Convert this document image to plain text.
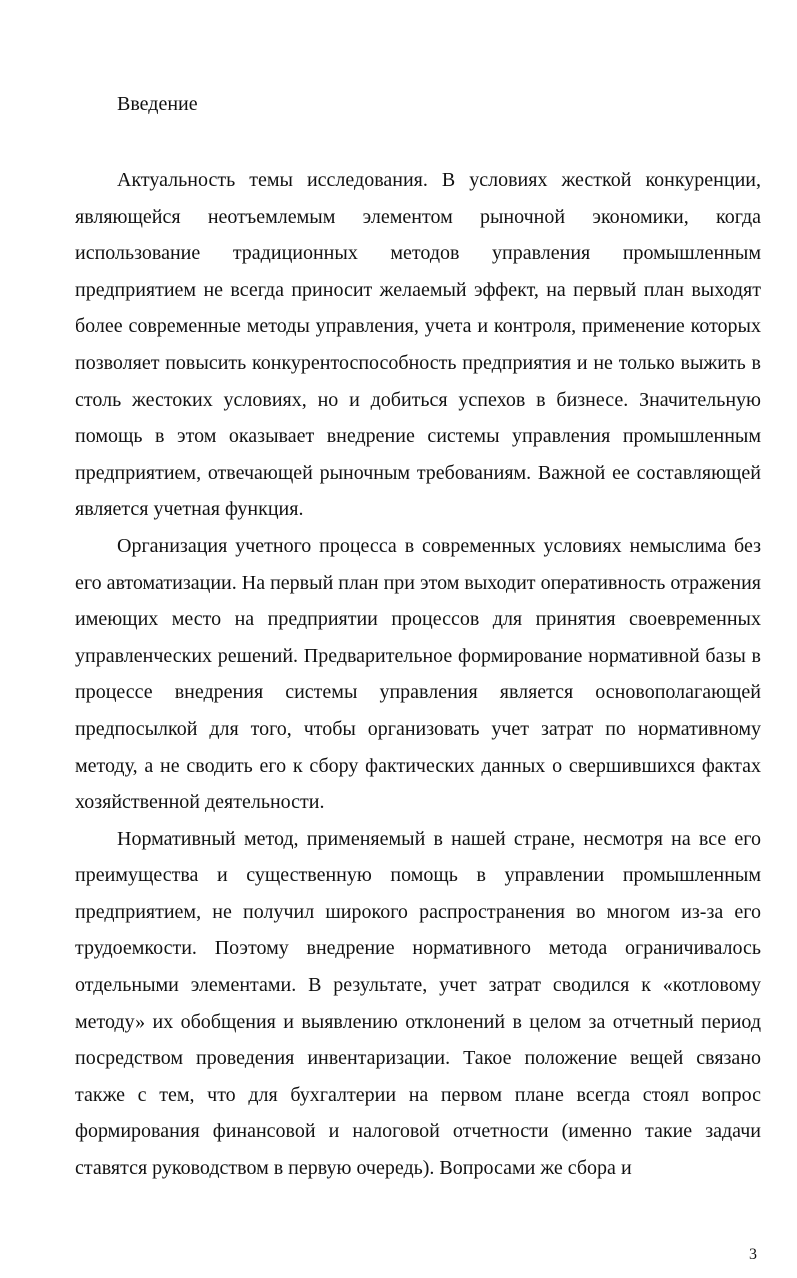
Введение

Актуальность темы исследования. В условиях жесткой конкуренции, являющейся неотъемлемым элементом рыночной экономики, когда использование традиционных методов управления промышленным предприятием не всегда приносит желаемый эффект, на первый план выходят более современные методы управления, учета и контроля, применение которых позволяет повысить конкурентоспособность предприятия и не только выжить в столь жестоких условиях, но и добиться успехов в бизнесе. Значительную помощь в этом оказывает внедрение системы управления промышленным предприятием, отвечающей рыночным требованиям. Важной ее составляющей является учетная функция.

Организация учетного процесса в современных условиях немыслима без его автоматизации. На первый план при этом выходит оперативность отражения имеющих место на предприятии процессов для принятия своевременных управленческих решений. Предварительное формирование нормативной базы в процессе внедрения системы управления является основополагающей предпосылкой для того, чтобы организовать учет затрат по нормативному методу, а не сводить его к сбору фактических данных о свершившихся фактах хозяйственной деятельности.

Нормативный метод, применяемый в нашей стране, несмотря на все его преимущества и существенную помощь в управлении промышленным предприятием, не получил широкого распространения во многом из-за его трудоемкости. Поэтому внедрение нормативного метода ограничивалось отдельными элементами. В результате, учет затрат сводился к «котловому методу» их обобщения и выявлению отклонений в целом за отчетный период посредством проведения инвентаризации. Такое положение вещей связано также с тем, что для бухгалтерии на первом плане всегда стоял вопрос формирования финансовой и налоговой отчетности (именно такие задачи ставятся руководством в первую очередь). Вопросами же сбора и

3
